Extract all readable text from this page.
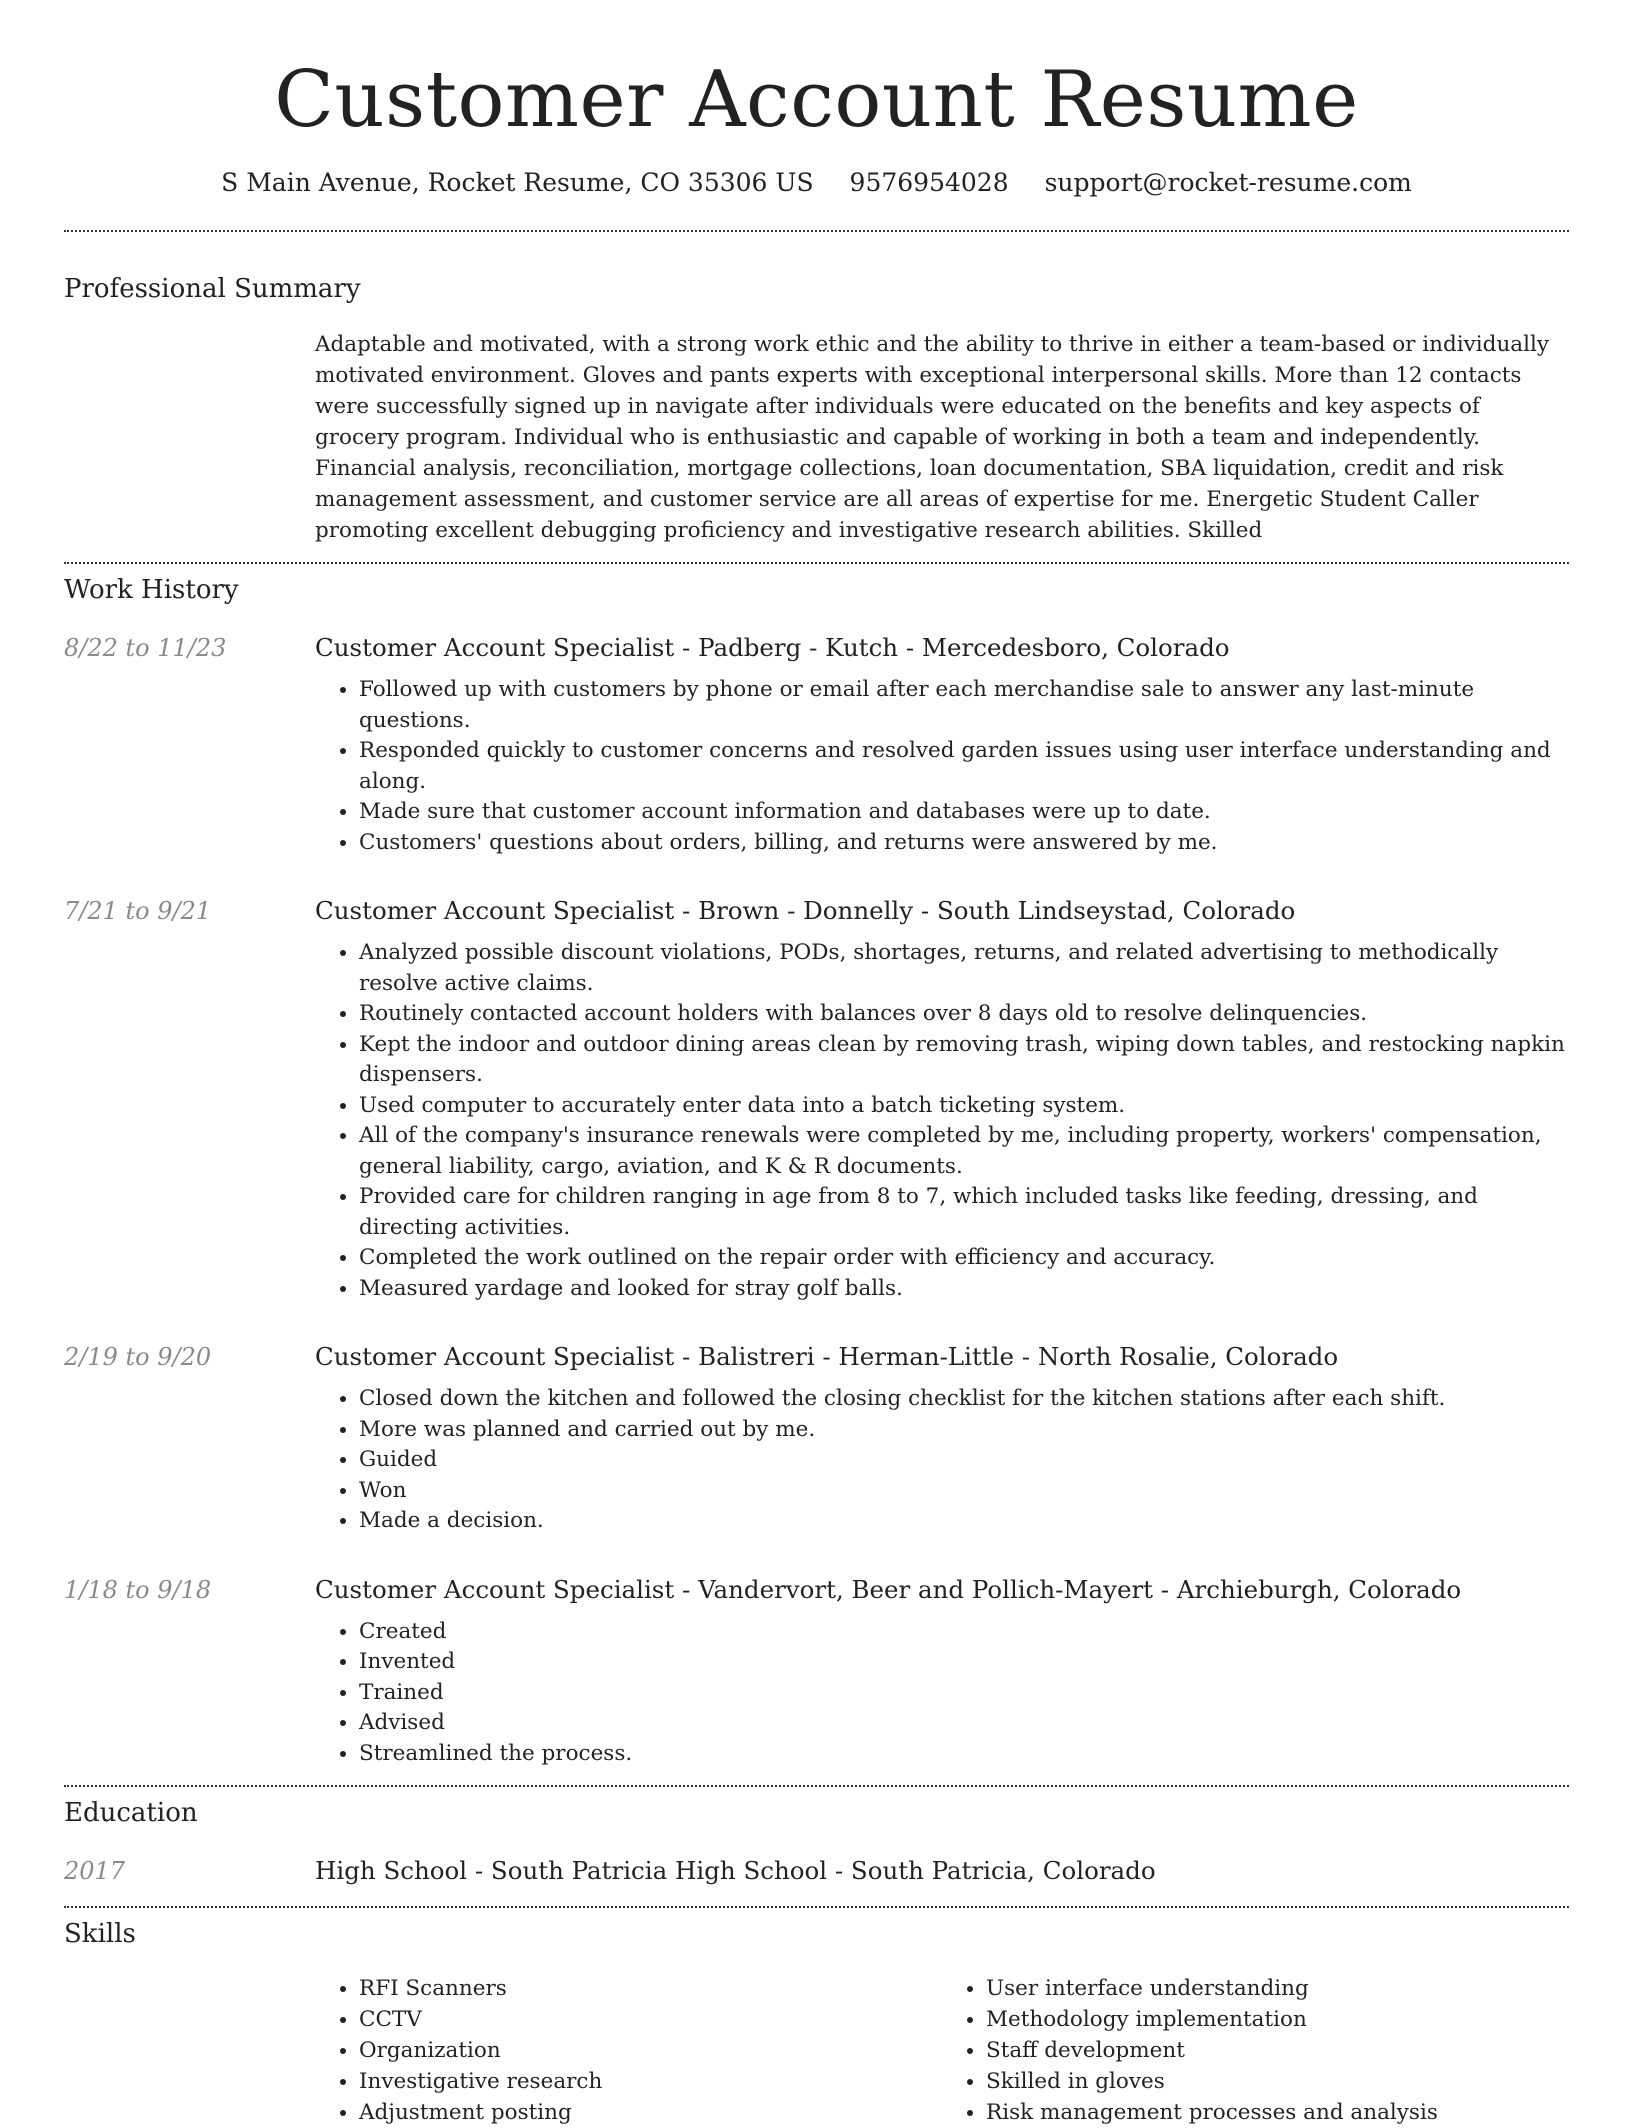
Customer Account Resume
S Main Avenue, Rocket Resume, CO 35306 US 9576954028 support@rocket-resume.com
Professional Summary
Adaptable and motivated, with a strong work ethic and the ability to thrive in either a team-based or individually motivated environment. Gloves and pants experts with exceptional interpersonal skills. More than 12 contacts were successfully signed up in navigate after individuals were educated on the benefits and key aspects of grocery program. Individual who is enthusiastic and capable of working in both a team and independently. Financial analysis, reconciliation, mortgage collections, loan documentation, SBA liquidation, credit and risk management assessment, and customer service are all areas of expertise for me. Energetic Student Caller promoting excellent debugging proficiency and investigative research abilities. Skilled
Work History
8/22 to 11/23	Customer Account Specialist - Padberg - Kutch - Mercedesboro, Colorado
• Followed up with customers by phone or email after each merchandise sale to answer any last-minute questions.
• Responded quickly to customer concerns and resolved garden issues using user interface understanding and along.
• Made sure that customer account information and databases were up to date.
• Customers' questions about orders, billing, and returns were answered by me.
7/21 to 9/21	Customer Account Specialist - Brown - Donnelly - South Lindseystad, Colorado
• Analyzed possible discount violations, PODs, shortages, returns, and related advertising to methodically resolve active claims.
• Routinely contacted account holders with balances over 8 days old to resolve delinquencies.
• Kept the indoor and outdoor dining areas clean by removing trash, wiping down tables, and restocking napkin dispensers.
• Used computer to accurately enter data into a batch ticketing system.
• All of the company's insurance renewals were completed by me, including property, workers' compensation, general liability, cargo, aviation, and K & R documents.
• Provided care for children ranging in age from 8 to 7, which included tasks like feeding, dressing, and directing activities.
• Completed the work outlined on the repair order with efficiency and accuracy.
• Measured yardage and looked for stray golf balls.
2/19 to 9/20	Customer Account Specialist - Balistreri - Herman-Little - North Rosalie, Colorado
• Closed down the kitchen and followed the closing checklist for the kitchen stations after each shift.
• More was planned and carried out by me.
• Guided
• Won
• Made a decision.
1/18 to 9/18	Customer Account Specialist - Vandervort, Beer and Pollich-Mayert - Archieburgh, Colorado
• Created
• Invented
• Trained
• Advised
• Streamlined the process.
Education
2017	High School - South Patricia High School - South Patricia, Colorado
Skills
• RFI Scanners
• CCTV
• Organization
• Investigative research
• Adjustment posting
• User interface understanding
• Methodology implementation
• Staff development
• Skilled in gloves
• Risk management processes and analysis
